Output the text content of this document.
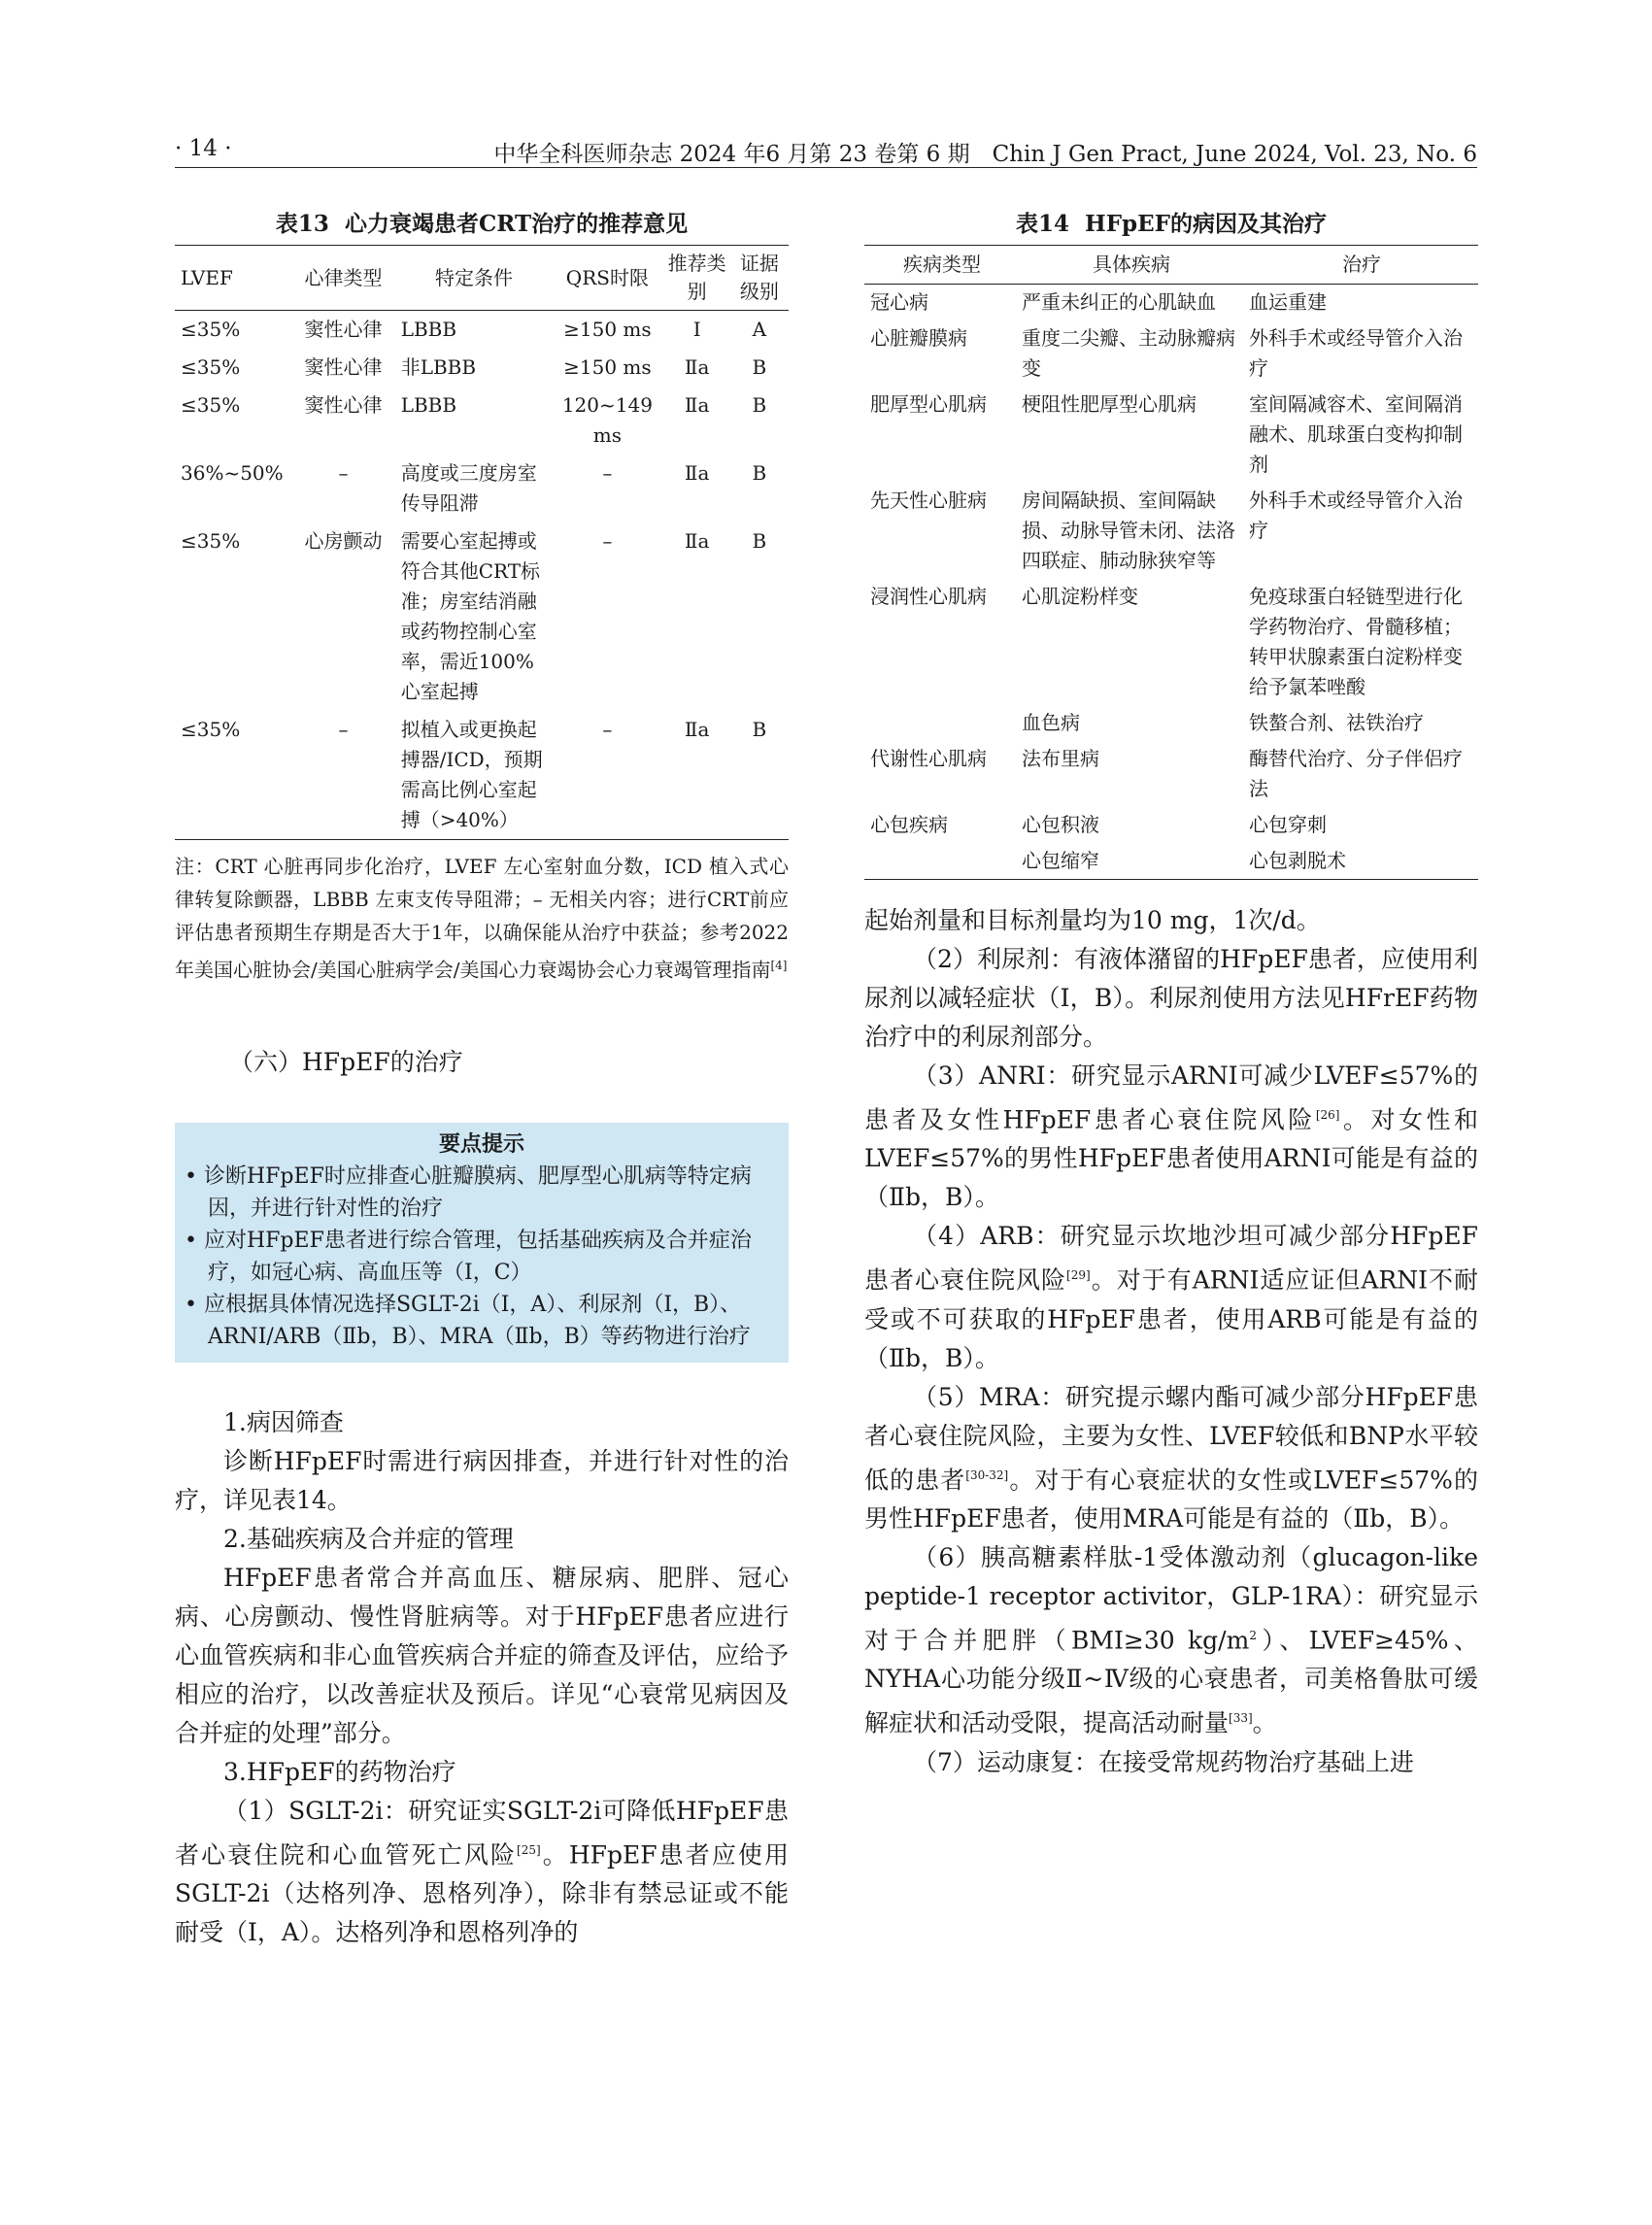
· 14 ·	中华全科医师杂志 2024 年6 月第 23 卷第 6 期　Chin J Gen Pract, June 2024, Vol. 23, No. 6
表13 心力衰竭患者CRT治疗的推荐意见
LVEF	心律类型	特定条件	QRS时限	推荐类别	证据级别
≤35%	窦性心律	LBBB	≥150 ms	Ⅰ	A
≤35%	窦性心律	非LBBB	≥150 ms	Ⅱa	B
≤35%	窦性心律	LBBB	120~149 ms	Ⅱa	B
36%~50%	–	高度或三度房室传导阻滞	–	Ⅱa	B
≤35%	心房颤动	需要心室起搏或符合其他CRT标准；房室结消融或药物控制心室率，需近100%心室起搏	–	Ⅱa	B
≤35%	–	拟植入或更换起搏器/ICD，预期需高比例心室起搏（>40%）	–	Ⅱa	B
注：CRT 心脏再同步化治疗，LVEF 左心室射血分数，ICD 植入式心律转复除颤器，LBBB 左束支传导阻滞；– 无相关内容；进行CRT前应评估患者预期生存期是否大于1年，以确保能从治疗中获益；参考2022年美国心脏协会/美国心脏病学会/美国心力衰竭协会心力衰竭管理指南[4]
（六）HFpEF的治疗
要点提示
• 诊断HFpEF时应排查心脏瓣膜病、肥厚型心肌病等特定病因，并进行针对性的治疗
• 应对HFpEF患者进行综合管理，包括基础疾病及合并症治疗，如冠心病、高血压等（Ⅰ，C）
• 应根据具体情况选择SGLT-2i（Ⅰ，A）、利尿剂（Ⅰ，B）、ARNI/ARB（Ⅱb，B）、MRA（Ⅱb，B）等药物进行治疗

1.病因筛查

诊断HFpEF时需进行病因排查，并进行针对性的治疗，详见表14。

2.基础疾病及合并症的管理

HFpEF患者常合并高血压、糖尿病、肥胖、冠心病、心房颤动、慢性肾脏病等。对于HFpEF患者应进行心血管疾病和非心血管疾病合并症的筛查及评估，应给予相应的治疗，以改善症状及预后。详见“心衰常见病因及合并症的处理”部分。

3.HFpEF的药物治疗

（1）SGLT-2i：研究证实SGLT-2i可降低HFpEF患者心衰住院和心血管死亡风险[25]。HFpEF患者应使用SGLT-2i（达格列净、恩格列净），除非有禁忌证或不能耐受（Ⅰ，A）。达格列净和恩格列净的

表14 HFpEF的病因及其治疗
疾病类型	具体疾病	治疗
冠心病	严重未纠正的心肌缺血	血运重建
心脏瓣膜病	重度二尖瓣、主动脉瓣病变	外科手术或经导管介入治疗
肥厚型心肌病	梗阻性肥厚型心肌病	室间隔减容术、室间隔消融术、肌球蛋白变构抑制剂
先天性心脏病	房间隔缺损、室间隔缺损、动脉导管未闭、法洛四联症、肺动脉狭窄等	外科手术或经导管介入治疗
浸润性心肌病	心肌淀粉样变	免疫球蛋白轻链型进行化学药物治疗、骨髓移植；转甲状腺素蛋白淀粉样变给予氯苯唑酸
	血色病	铁螯合剂、祛铁治疗
代谢性心肌病	法布里病	酶替代治疗、分子伴侣疗法
心包疾病	心包积液	心包穿刺
	心包缩窄	心包剥脱术

起始剂量和目标剂量均为10 mg，1次/d。

（2）利尿剂：有液体潴留的HFpEF患者，应使用利尿剂以减轻症状（Ⅰ，B）。利尿剂使用方法见HFrEF药物治疗中的利尿剂部分。

（3）ANRI：研究显示ARNI可减少LVEF≤57%的患者及女性HFpEF患者心衰住院风险[26]。对女性和LVEF≤57%的男性HFpEF患者使用ARNI可能是有益的（Ⅱb，B）。

（4）ARB：研究显示坎地沙坦可减少部分HFpEF患者心衰住院风险[29]。对于有ARNI适应证但ARNI不耐受或不可获取的HFpEF患者，使用ARB可能是有益的（Ⅱb，B）。

（5）MRA：研究提示螺内酯可减少部分HFpEF患者心衰住院风险，主要为女性、LVEF较低和BNP水平较低的患者[30-32]。对于有心衰症状的女性或LVEF≤57%的男性HFpEF患者，使用MRA可能是有益的（Ⅱb，B）。

（6）胰高糖素样肽-1受体激动剂（glucagon-like peptide-1 receptor activitor，GLP-1RA）：研究显示对于合并肥胖（BMI≥30 $kg/m^2$）、LVEF≥45%、NYHA心功能分级Ⅱ~Ⅳ级的心衰患者，司美格鲁肽可缓解症状和活动受限，提高活动耐量[33]。

（7）运动康复：在接受常规药物治疗基础上进
